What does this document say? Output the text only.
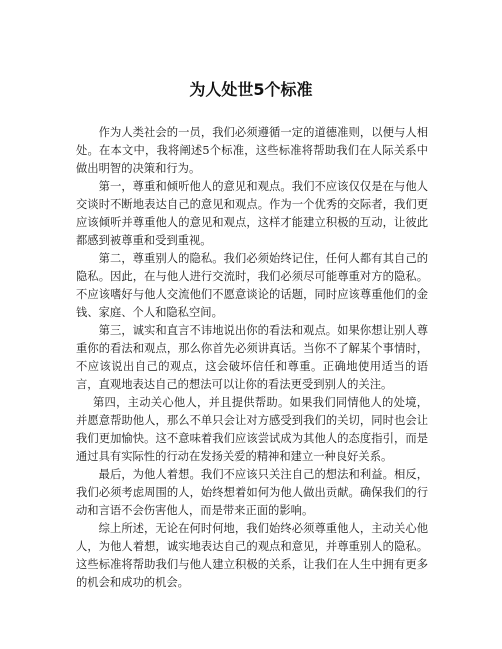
为人处世5个标准

作为人类社会的一员，我们必须遵循一定的道德准则，以便与人相处。在本文中，我将阐述5个标准，这些标准将帮助我们在人际关系中做出明智的决策和行为。

第一，尊重和倾听他人的意见和观点。我们不应该仅仅是在与他人交谈时不断地表达自己的意见和观点。作为一个优秀的交际者，我们更应该倾听并尊重他人的意见和观点，这样才能建立积极的互动，让彼此都感到被尊重和受到重视。

第二，尊重别人的隐私。我们必须始终记住，任何人都有其自己的隐私。因此，在与他人进行交流时，我们必须尽可能尊重对方的隐私。不应该嗜好与他人交流他们不愿意谈论的话题，同时应该尊重他们的金钱、家庭、个人和隐私空间。

第三，诚实和直言不讳地说出你的看法和观点。如果你想让别人尊重你的看法和观点，那么你首先必须讲真话。当你不了解某个事情时，不应该说出自己的观点，这会破坏信任和尊重。正确地使用适当的语言，直观地表达自己的想法可以让你的看法更受到别人的关注。

第四，主动关心他人，并且提供帮助。如果我们同情他人的处境，并愿意帮助他人，那么不单只会让对方感受到我们的关切，同时也会让我们更加愉快。这不意味着我们应该尝试成为其他人的态度指引，而是通过具有实际性的行动在发扬关爱的精神和建立一种良好关系。

最后，为他人着想。我们不应该只关注自己的想法和利益。相反，我们必须考虑周围的人，始终想着如何为他人做出贡献。确保我们的行动和言语不会伤害他人，而是带来正面的影响。

综上所述，无论在何时何地，我们始终必须尊重他人，主动关心他人，为他人着想，诚实地表达自己的观点和意见，并尊重别人的隐私。这些标准将帮助我们与他人建立积极的关系，让我们在人生中拥有更多的机会和成功的机会。
